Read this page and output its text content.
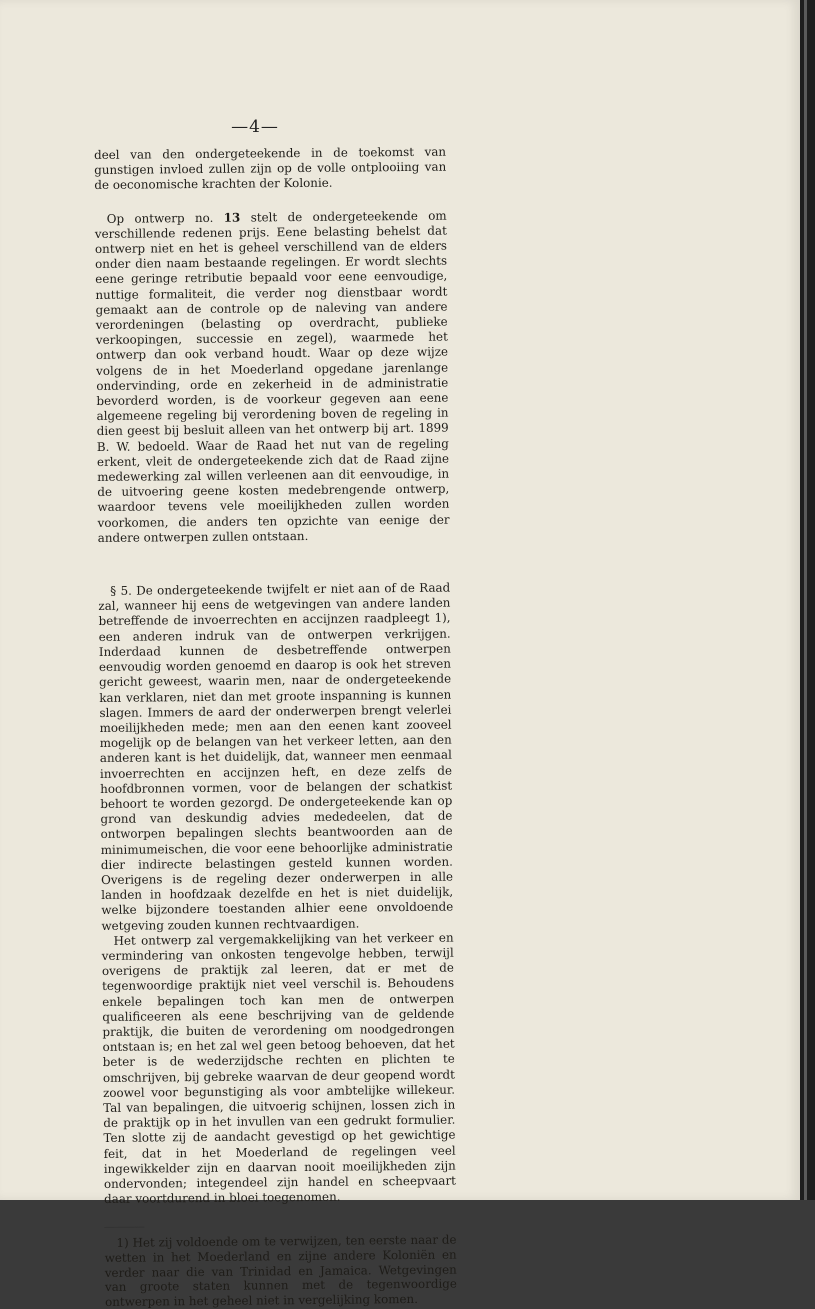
—4—

deel van den ondergeteekende in de toekomst van gunstigen invloed zullen zijn op de volle ontplooiing van de oeconomische krachten der Kolonie.

Op ontwerp no. 13 stelt de ondergeteekende om verschillende redenen prijs. Eene belasting behelst dat ontwerp niet en het is geheel verschillend van de elders onder dien naam bestaande regelingen. Er wordt slechts eene geringe retributie bepaald voor eene eenvoudige, nuttige formaliteit, die verder nog dienstbaar wordt gemaakt aan de controle op de naleving van andere verordeningen (belasting op overdracht, publieke verkoopingen, successie en zegel), waarmede het ontwerp dan ook verband houdt. Waar op deze wijze volgens de in het Moederland opgedane jarenlange ondervinding, orde en zekerheid in de administratie bevorderd worden, is de voorkeur gegeven aan eene algemeene regeling bij verordening boven de regeling in dien geest bij besluit alleen van het ontwerp bij art. 1899 B. W. bedoeld. Waar de Raad het nut van de regeling erkent, vleit de ondergeteekende zich dat de Raad zijne medewerking zal willen verleenen aan dit eenvoudige, in de uitvoering geene kosten medebrengende ontwerp, waardoor tevens vele moeilijkheden zullen worden voorkomen, die anders ten opzichte van eenige der andere ontwerpen zullen ontstaan.

§ 5. De ondergeteekende twijfelt er niet aan of de Raad zal, wanneer hij eens de wetgevingen van andere landen betreffende de invoerrechten en accijnzen raadpleegt 1), een anderen indruk van de ontwerpen verkrijgen. Inderdaad kunnen de desbetreffende ontwerpen eenvoudig worden genoemd en daarop is ook het streven gericht geweest, waarin men, naar de ondergeteekende kan verklaren, niet dan met groote inspanning is kunnen slagen. Immers de aard der onderwerpen brengt velerlei moeilijkheden mede; men aan den eenen kant zooveel mogelijk op de belangen van het verkeer letten, aan den anderen kant is het duidelijk, dat, wanneer men eenmaal invoerrechten en accijnzen heft, en deze zelfs de hoofdbronnen vormen, voor de belangen der schatkist behoort te worden gezorgd. De ondergeteekende kan op grond van deskundig advies mededeelen, dat de ontworpen bepalingen slechts beantwoorden aan de minimumeischen, die voor eene behoorlijke administratie dier indirecte belastingen gesteld kunnen worden. Overigens is de regeling dezer onderwerpen in alle landen in hoofdzaak dezelfde en het is niet duidelijk, welke bijzondere toestanden alhier eene onvoldoende wetgeving zouden kunnen rechtvaardigen.

Het ontwerp zal vergemakkelijking van het verkeer en vermindering van onkosten tengevolge hebben, terwijl overigens de praktijk zal leeren, dat er met de tegenwoordige praktijk niet veel verschil is. Behoudens enkele bepalingen toch kan men de ontwerpen qualificeeren als eene beschrijving van de geldende praktijk, die buiten de verordening om noodgedrongen ontstaan is; en het zal wel geen betoog behoeven, dat het beter is de wederzijdsche rechten en plichten te omschrijven, bij gebreke waarvan de deur geopend wordt zoowel voor begunstiging als voor ambtelijke willekeur. Tal van bepalingen, die uitvoerig schijnen, lossen zich in de praktijk op in het invullen van een gedrukt formulier. Ten slotte zij de aandacht gevestigd op het gewichtige feit, dat in het Moederland de regelingen veel ingewikkelder zijn en daarvan nooit moeilijkheden zijn ondervonden; integendeel zijn handel en scheepvaart daar voortdurend in bloei toegenomen.

1) Het zij voldoende om te verwijzen, ten eerste naar de wetten in het Moederland en zijne andere Koloniën en verder naar die van Trinidad en Jamaica. Wetgevingen van groote staten kunnen met de tegenwoordige ontwerpen in het geheel niet in vergelijking komen.
